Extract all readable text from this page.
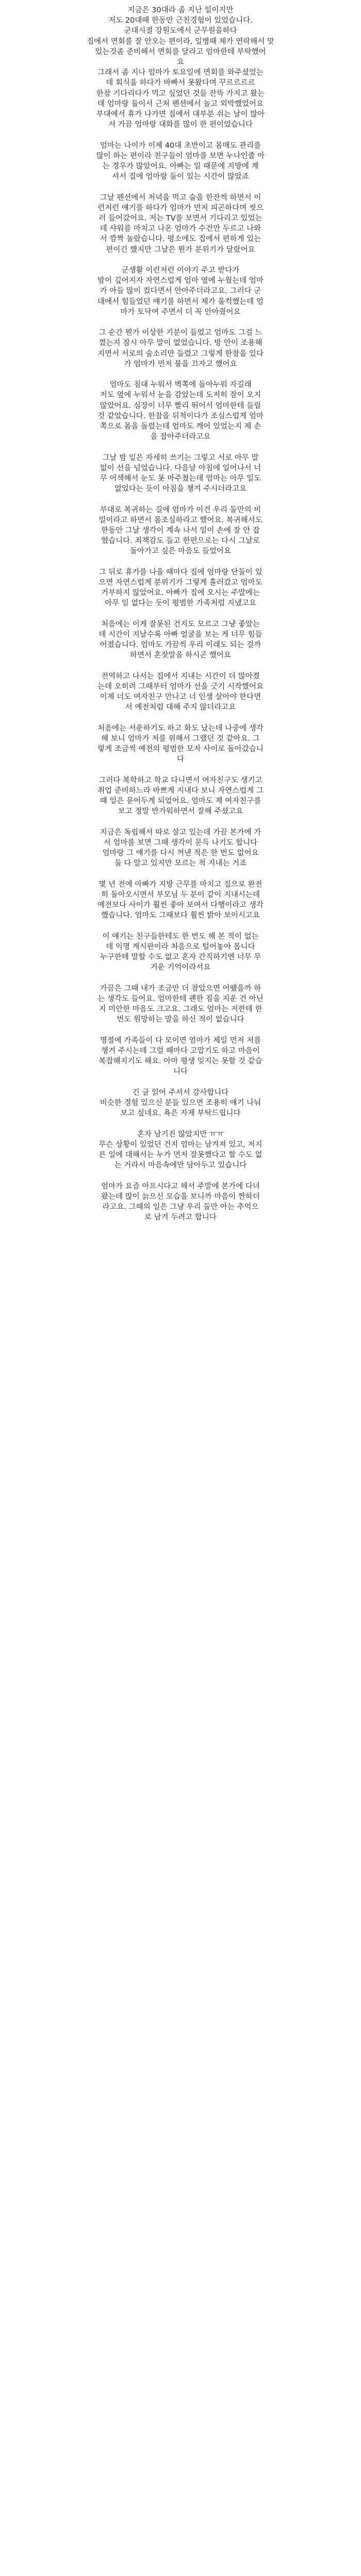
지금은 30대라 좀 지난 일이지만
저도 20대때 한동안 근친경험이 있었습니다.
군대시절 강원도에서 군무원을하다
집에서 면회를 잘 안오는 편이라, 일병때 제가 연락해서 맛
있는것좀 준비해서 면회를 달라고 엄마한테 부탁했어
요
그래서 좀 지나 엄마가 토요일에 면회를 와주셨었는
데 회식을 하다가 바빠서 못왔다며 꾸르르르르
한참 기다리다가 먹고 싶었던 것들 잔뜩 가지고 왔는
데 엄마랑 둘이서 근처 펜션에서 놀고 외박했었어요
부대에서 휴가 나가면 집에서 대부분 쉬는 날이 많아
서 가끔 엄마랑 대화를 많이 한 편이었습니다
엄마는 나이가 이제 40대 초반이고 몸매도 관리를
많이 하는 편이라 친구들이 엄마를 보면 누나인줄 아
는 경우가 많았어요. 아빠는 일 때문에 지방에 계
셔서 집에 엄마랑 둘이 있는 시간이 많았죠
그날 펜션에서 저녁을 먹고 술을 한잔씩 하면서 이
런저런 얘기를 하다가 엄마가 먼저 피곤하다며 씻으
러 들어갔어요. 저는 TV를 보면서 기다리고 있었는
데 샤워를 마치고 나온 엄마가 수건만 두르고 나와
서 깜짝 놀랐습니다. 평소에도 집에서 편하게 있는
편이긴 했지만 그날은 뭔가 분위기가 달랐어요
군생활 이런저런 이야기 주고 받다가
밤이 깊어지자 자연스럽게 엄마 옆에 누웠는데 엄마
가 아들 많이 컸다면서 안아주더라고요. 그러다 군
대에서 힘들었던 얘기를 하면서 제가 울컥했는데 엄
마가 토닥여 주면서 더 꼭 안아줬어요
그 순간 뭔가 이상한 기분이 들었고 엄마도 그걸 느
꼈는지 잠시 아무 말이 없었습니다. 방 안이 조용해
지면서 서로의 숨소리만 들렸고 그렇게 한참을 있다
가 엄마가 먼저 불을 끄자고 했어요
엄마도 침대 누워서 벽쪽에 돌아누워 자길래
저도 옆에 누워서 눈을 감았는데 도저히 잠이 오지
않았어요. 심장이 너무 빨리 뛰어서 엄마한테 들릴
것 같았습니다. 한참을 뒤척이다가 조심스럽게 엄마
쪽으로 몸을 돌렸는데 엄마도 깨어 있었는지 제 손
을 잡아주더라고요
그날 밤 일은 자세히 쓰기는 그렇고 서로 아무 말
없이 선을 넘었습니다. 다음날 아침에 일어나서 너
무 어색해서 눈도 못 마주쳤는데 엄마는 아무 일도
없었다는 듯이 아침을 챙겨 주시더라고요
부대로 복귀하는 길에 엄마가 이건 우리 둘만의 비
밀이라고 하면서 몸조심하라고 했어요. 복귀해서도
한동안 그날 생각이 계속 나서 일이 손에 잘 안 잡
혔습니다. 죄책감도 들고 한편으로는 다시 그날로
돌아가고 싶은 마음도 들었어요
그 뒤로 휴가를 나올 때마다 집에 엄마랑 단둘이 있
으면 자연스럽게 분위기가 그렇게 흘러갔고 엄마도
거부하지 않았어요. 아빠가 집에 오시는 주말에는
아무 일 없다는 듯이 평범한 가족처럼 지냈고요
처음에는 이게 잘못된 건지도 모르고 그냥 좋았는
데 시간이 지날수록 아빠 얼굴을 보는 게 너무 힘들
어졌습니다. 엄마도 가끔씩 우리 이래도 되는 걸까
하면서 혼잣말을 하시곤 했어요
전역하고 나서는 집에서 지내는 시간이 더 많아졌
는데 오히려 그때부터 엄마가 선을 긋기 시작했어요
이제 너도 여자친구 만나고 너 인생 살아야 한다면
서 예전처럼 대해 주지 않더라고요
처음에는 서운하기도 하고 화도 났는데 나중에 생각
해 보니 엄마가 저를 위해서 그랬던 것 같아요. 그
렇게 조금씩 예전의 평범한 모자 사이로 돌아갔습니
다
그러다 복학하고 학교 다니면서 여자친구도 생기고
취업 준비하느라 바쁘게 지내다 보니 자연스럽게 그
때 일은 묻어두게 되었어요. 엄마도 제 여자친구를
보고 정말 반가워하면서 잘해 주셨고요
지금은 독립해서 따로 살고 있는데 가끔 본가에 가
서 엄마를 보면 그때 생각이 문득 나기도 합니다
엄마랑 그 얘기를 다시 꺼낸 적은 한 번도 없어요
둘 다 알고 있지만 모르는 척 지내는 거죠
몇 년 전에 아빠가 지방 근무를 마치고 집으로 완전
히 돌아오시면서 부모님 두 분이 같이 지내시는데
예전보다 사이가 훨씬 좋아 보여서 다행이라고 생각
했습니다. 엄마도 그때보다 훨씬 밝아 보이시고요
이 얘기는 친구들한테도 한 번도 해 본 적이 없는
데 익명 게시판이라 처음으로 털어놓아 봅니다
누구한테 말할 수도 없고 혼자 간직하기엔 너무 무
거운 기억이라서요
가끔은 그때 내가 조금만 더 참았으면 어땠을까 하
는 생각도 들어요. 엄마한테 괜한 짐을 지운 건 아닌
지 미안한 마음도 크고요. 그래도 엄마는 저한테 한
번도 원망하는 말을 하신 적이 없습니다
명절에 가족들이 다 모이면 엄마가 제일 먼저 저를
챙겨 주시는데 그럴 때마다 고맙기도 하고 마음이
복잡해지기도 해요. 아마 평생 잊지는 못할 것 같습
니다
긴 글 읽어 주셔서 감사합니다
비슷한 경험 있으신 분들 있으면 조용히 얘기 나눠
보고 싶네요. 욕은 자제 부탁드립니다
혼자 남기진 않았지만 ㅠㅠ
무슨 상황이 있었던 건지 엄마는 남겨져 있고, 저지
른 일에 대해서는 누가 먼저 잘못했다고 할 수도 없
는 거라서 마음속에만 담아두고 있습니다
엄마가 요즘 아프시다고 해서 주말에 본가에 다녀
왔는데 많이 늙으신 모습을 보니까 마음이 짠하더
라고요. 그때의 일은 그냥 우리 둘만 아는 추억으
로 남겨 두려고 합니다
